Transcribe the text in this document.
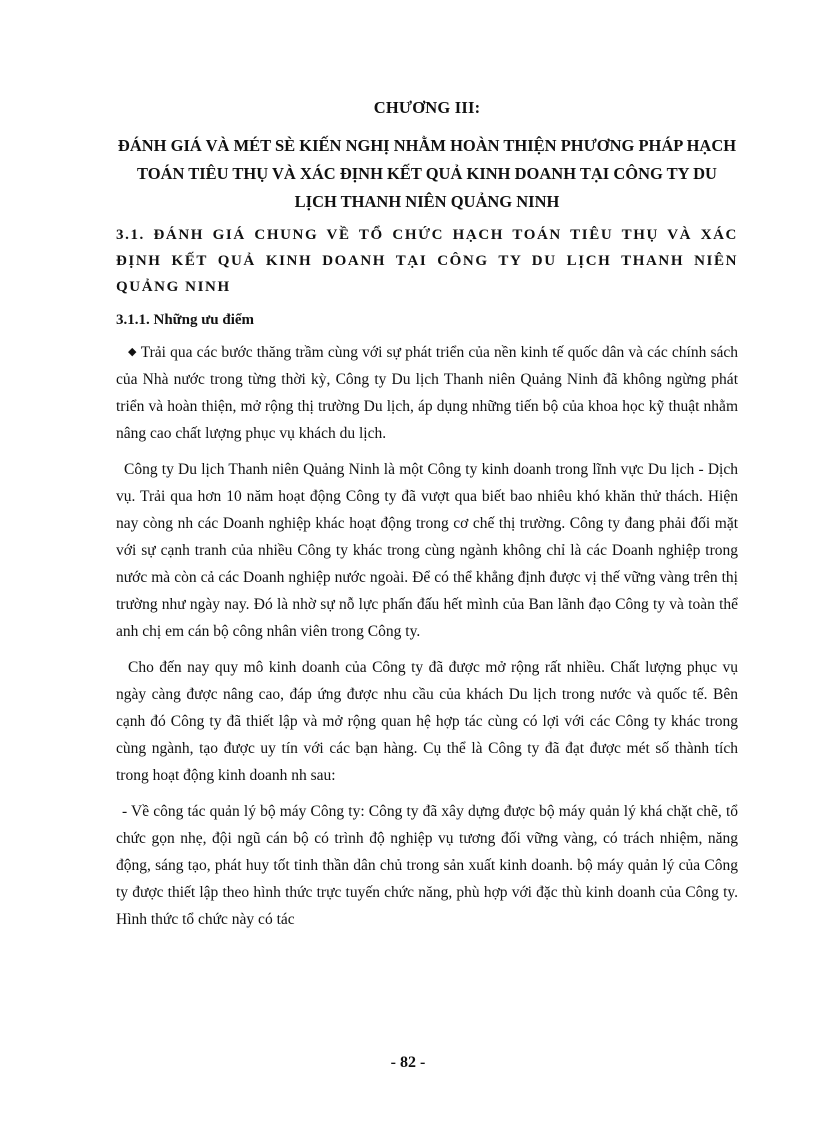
CHƯƠNG III:
ĐÁNH GIÁ VÀ MÉT SÈ KIẾN NGHỊ NHẰM HOÀN THIỆN PHƯƠNG PHÁP HẠCH TOÁN TIÊU THỤ VÀ XÁC ĐỊNH KẾT QUẢ KINH DOANH TẠI CÔNG TY DU LỊCH THANH NIÊN QUẢNG NINH
3.1. ĐÁNH GIÁ CHUNG VỀ TỔ CHỨC HẠCH TOÁN TIÊU THỤ VÀ XÁC ĐỊNH KẾT QUẢ KINH DOANH TẠI CÔNG TY DU LỊCH THANH NIÊN QUẢNG NINH
3.1.1. Những ưu điểm

◆ Trải qua các bước thăng trầm cùng với sự phát triển của nền kinh tế quốc dân và các chính sách của Nhà nước trong từng thời kỳ, Công ty Du lịch Thanh niên Quảng Ninh đã không ngừng phát triển và hoàn thiện, mở rộng thị trường Du lịch, áp dụng những tiến bộ của khoa học kỹ thuật nhằm nâng cao chất lượng phục vụ khách du lịch.

Công ty Du lịch Thanh niên Quảng Ninh là một Công ty kinh doanh trong lĩnh vực Du lịch - Dịch vụ. Trải qua hơn 10 năm hoạt động Công ty đã vượt qua biết bao nhiêu khó khăn thử thách. Hiện nay còng nh các Doanh nghiệp khác hoạt động trong cơ chế thị trường. Công ty đang phải đối mặt với sự cạnh tranh của nhiều Công ty khác trong cùng ngành không chỉ là các Doanh nghiệp trong nước mà còn cả các Doanh nghiệp nước ngoài. Để có thể khẳng định được vị thế vững vàng trên thị trường như ngày nay. Đó là nhờ sự nỗ lực phấn đấu hết mình của Ban lãnh đạo Công ty và toàn thể anh chị em cán bộ công nhân viên trong Công ty.

Cho đến nay quy mô kinh doanh của Công ty đã được mở rộng rất nhiều. Chất lượng phục vụ ngày càng được nâng cao, đáp ứng được nhu cầu của khách Du lịch trong nước và quốc tế. Bên cạnh đó Công ty đã thiết lập và mở rộng quan hệ hợp tác cùng có lợi với các Công ty khác trong cùng ngành, tạo được uy tín với các bạn hàng. Cụ thể là Công ty đã đạt được mét số thành tích trong hoạt động kinh doanh nh sau:

- Về công tác quản lý bộ máy Công ty: Công ty đã xây dựng được bộ máy quản lý khá chặt chẽ, tổ chức gọn nhẹ, đội ngũ cán bộ có trình độ nghiệp vụ tương đối vững vàng, có trách nhiệm, năng động, sáng tạo, phát huy tốt tinh thần dân chủ trong sản xuất kinh doanh. bộ máy quản lý của Công ty được thiết lập theo hình thức trực tuyến chức năng, phù hợp với đặc thù kinh doanh của Công ty. Hình thức tổ chức này có tác

- 82 -
